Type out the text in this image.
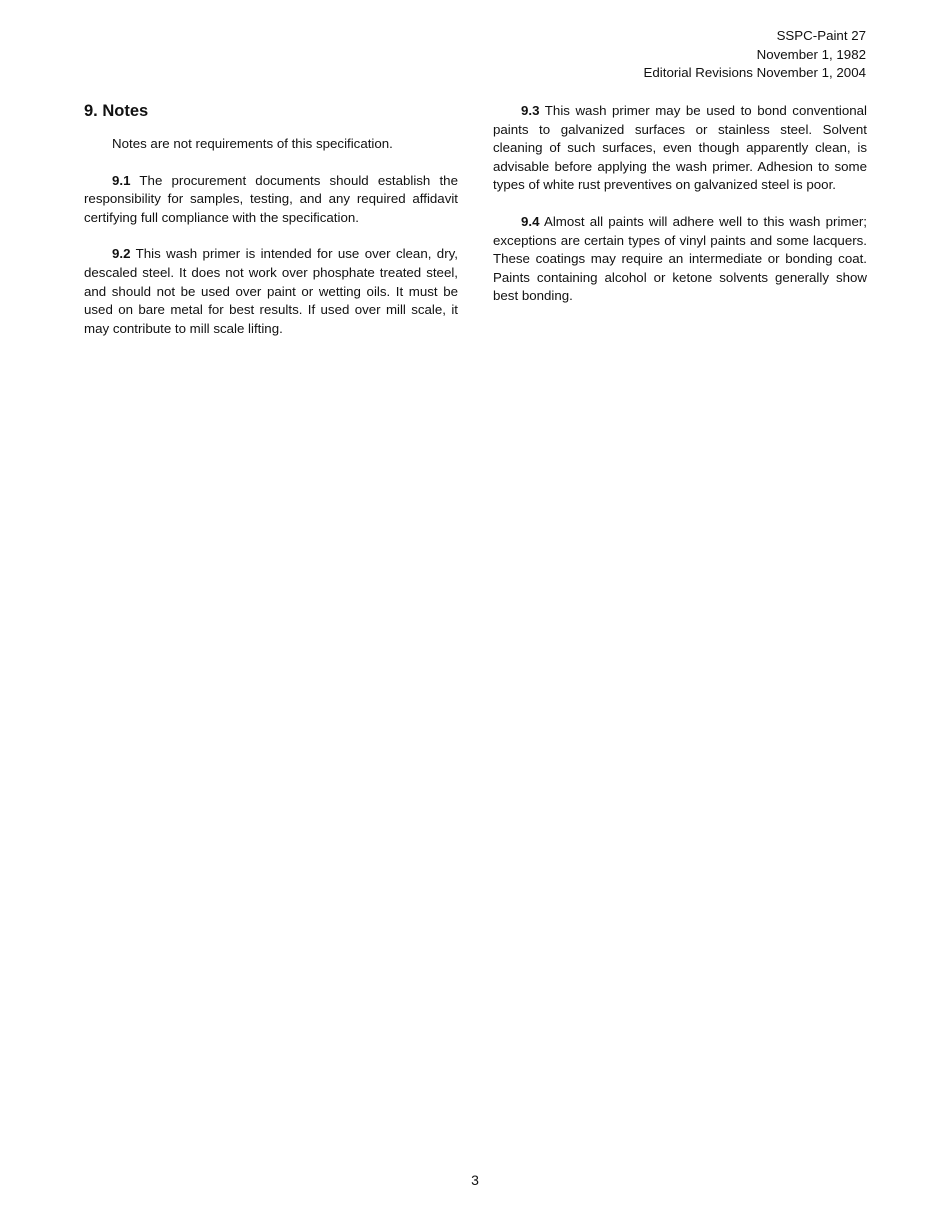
SSPC-Paint 27
November 1, 1982
Editorial Revisions November 1, 2004
9. Notes

Notes are not requirements of this specification.

9.1 The procurement documents should establish the responsibility for samples, testing, and any required affidavit certifying full compliance with the specification.

9.2 This wash primer is intended for use over clean, dry, descaled steel. It does not work over phosphate treated steel, and should not be used over paint or wetting oils. It must be used on bare metal for best results. If used over mill scale, it may contribute to mill scale lifting.

9.3 This wash primer may be used to bond conventional paints to galvanized surfaces or stainless steel. Solvent cleaning of such surfaces, even though apparently clean, is advisable before applying the wash primer. Adhesion to some types of white rust preventives on galvanized steel is poor.

9.4 Almost all paints will adhere well to this wash primer; exceptions are certain types of vinyl paints and some lacquers. These coatings may require an intermediate or bonding coat. Paints containing alcohol or ketone solvents generally show best bonding.

3
